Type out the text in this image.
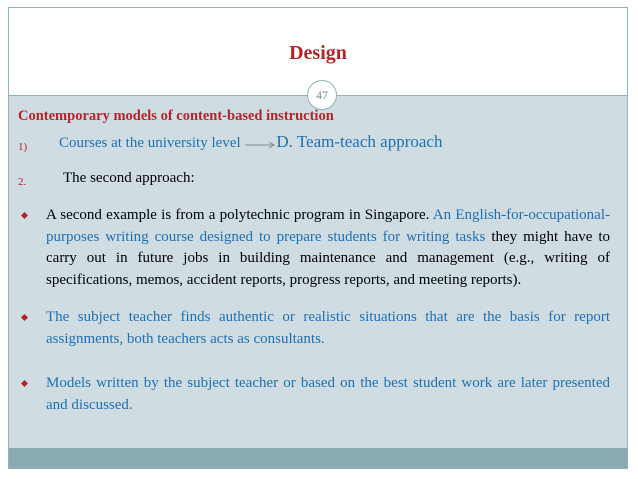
Design
47
Contemporary models of content-based instruction
1) Courses at the university level D. Team-teach approach
2. The second approach:
A second example is from a polytechnic program in Singapore. An English-for-occupational-purposes writing course designed to prepare students for writing tasks they might have to carry out in future jobs in building maintenance and management (e.g., writing of specifications, memos, accident reports, progress reports, and meeting reports).
The subject teacher finds authentic or realistic situations that are the basis for report assignments, both teachers acts as consultants.
Models written by the subject teacher or based on the best student work are later presented and discussed.
